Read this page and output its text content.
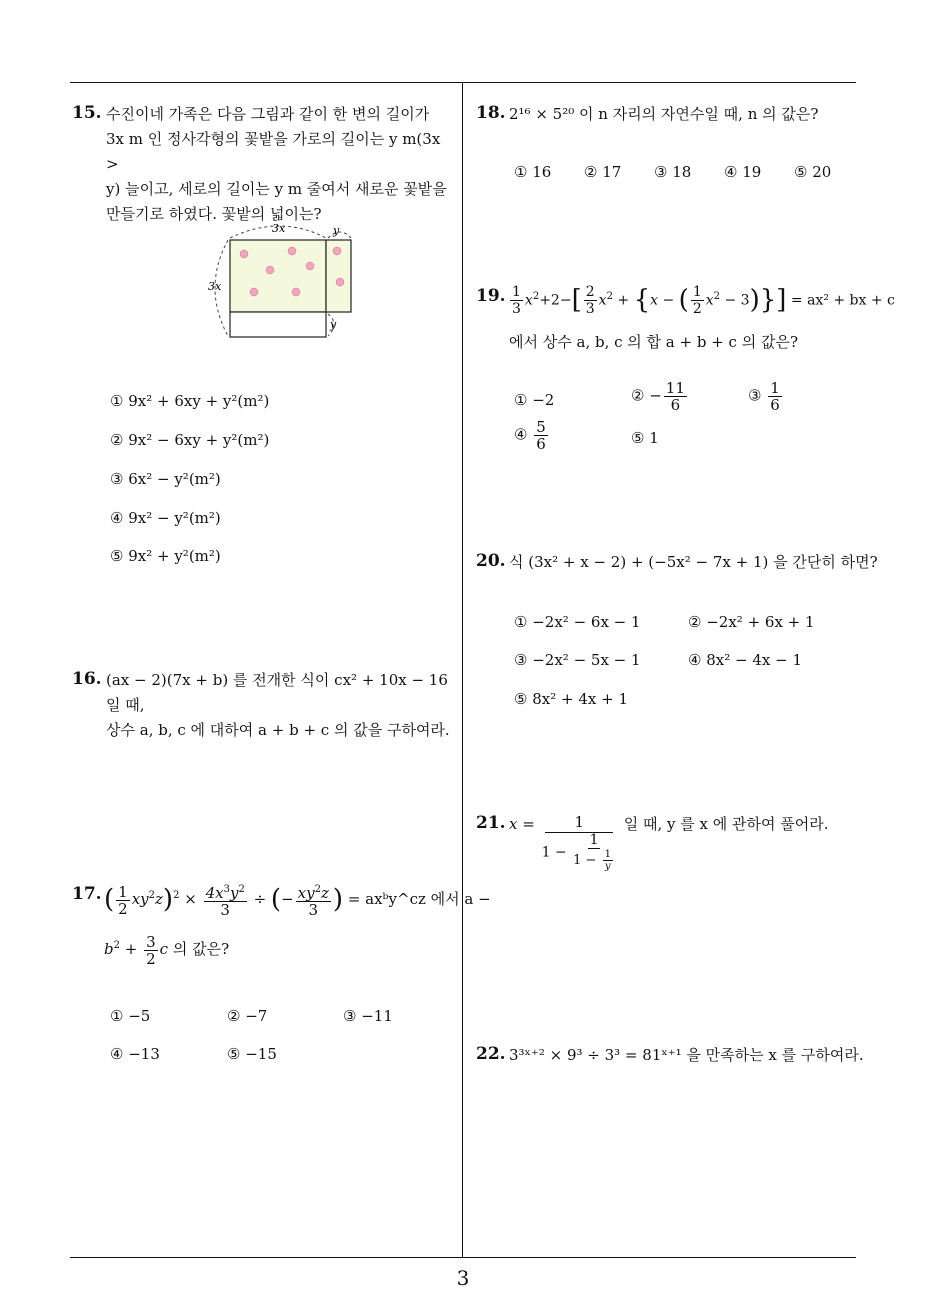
3
15. 수진이네 가족은 다음 그림과 같이 한 변의 길이가
3x m 인 정사각형의 꽃밭을 가로의 길이는 y m(3x >
y) 늘이고, 세로의 길이는 y m 줄여서 새로운 꽃밭을
만들기로 하였다. 꽃밭의 넓이는?
3x	y
3x
y
① 9x² + 6xy + y²(m²)
② 9x² − 6xy + y²(m²)
③ 6x² − y²(m²)
④ 9x² − y²(m²)
⑤ 9x² + y²(m²)
16. (ax − 2)(7x + b) 를 전개한 식이 cx² + 10x − 16 일 때,
상수 a, b, c 에 대하여 a + b + c 의 값을 구하여라.
17. ( $\frac{1}{2} xy^2z)^2 \times \frac{4x^3y^2}{3}$ ÷ (− $\frac{xy^2z}{3}$ ) = axᵇy^cz 에서 a −
$b^2 + \frac{3}{2}$ c 의 값은?
① −5	② −7	③ −11
④ −13	⑤ −15
18. 2¹⁶ × 5²⁰ 이 n 자리의 자연수일 때, n 의 값은?
① 16 ② 17 ③ 18 ④ 19 ⑤ 20
19. $\frac{1}{3} x^2+2-[ \frac{2}{3} x^2 + \{x$ − ( $\frac{1}{2} x^2 - 3)\}] = ax^2$ + bx + c
에서 상수 a, b, c 의 합 a + b + c 의 값은?
① −2	② − $\frac{11}{6}$	③ $\frac{1}{6}$
④ $\frac{5}{6}$	⑤ 1
20. 식 (3x² + x − 2) + (−5x² − 7x + 1) 을 간단히 하면?
① −2x² − 6x − 1	② −2x² + 6x + 1
③ −2x² − 5x − 1	④ 8x² − 4x − 1
⑤ 8x² + 4x + 1
21. $x = \frac{1}{1 - \frac{1}{1 - \frac{1}{y}}}$ 일 때, y 를 x 에 관하여 풀어라.
22. 3³ˣ⁺² × 9³ ÷ 3³ = 81ˣ⁺¹ 을 만족하는 x 를 구하여라.
